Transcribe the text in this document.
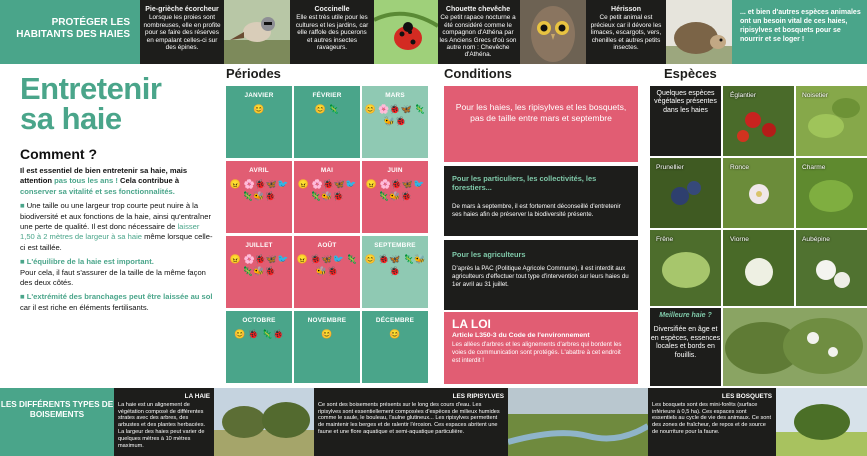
PROTÉGER LES HABITANTS DES HAIES
Pie-grièche écorcheur
Lorsque les proies sont nombreuses, elle en profite pour se faire des réserves en empalant celles-ci sur des épines.
Coccinelle
Elle est très utile pour les cultures et les jardins, car elle raffole des pucerons et autres insectes ravageurs.
Chouette chevêche
Ce petit rapace nocturne a été considéré comme le compagnon d'Athéna par les Anciens Grecs d'où son autre nom : Chevêche d'Athéna.
Hérisson
Ce petit animal est précieux car il dévore les limaces, escargots, vers, chenilles et autres petits insectes.
... et bien d'autres espèces animales ont un besoin vital de ces haies, ripisylves et bosquets pour se nourrir et se loger !
Entretenir
sa haie
Comment ?

Il est essentiel de bien entretenir sa haie, mais attention pas tous les ans ! Cela contribue à conserver sa vitalité et ses fonctionnalités.

■ Une taille ou une largeur trop courte peut nuire à la biodiversité et aux fonctions de la haie, ainsi qu'entraîner une perte de qualité. Il est donc nécessaire de laisser 1,50 à 2 mètres de largeur à sa haie même lorsque celle-ci est taillée.

■ L'équilibre de la haie est important.
Pour cela, il faut s'assurer de la taille de la même façon des deux côtés.

■ L'extrémité des branchages peut être laissée au sol car il est riche en éléments fertilisants.

Périodes	Conditions	Espèces
JANVIER
😊
FÉVRIER
😊 🦎
MARS
😊 🌸🐞🦋 🦎🐝🐞
AVRIL
😠 🌸🐞🦋🐦 🦎🐝🐞
MAI
😠 🌸🐞🦋🐦 🦎🐝🐞
JUIN
😠 🌸🐞🦋🐦 🦎🐝🐞
JUILLET
😠 🌸🐞🦋🐦 🦎🐝🐞
AOÛT
😠 🐞🦋🐦 🦎🐝🐞
SEPTEMBRE
😊 🐞🦋 🦎🐝🐞
OCTOBRE
😊 🐞 🦎🐞
NOVEMBRE
😊
DÉCEMBRE
😊
Pour les haies, les ripisylves et les bosquets, pas de taille entre mars et septembre
Pour les particuliers, les collectivités, les forestiers...

De mars à septembre, il est fortement déconseillé d'entretenir ses haies afin de préserver la biodiversité présente.

Pour les agriculteurs

D'après la PAC (Politique Agricole Commune), il est interdit aux agriculteurs d'effectuer tout type d'intervention sur leurs haies du 1er avril au 31 juillet.

LA LOI
Article L350-3 du Code de l'environnement

Les allées d'arbres et les alignements d'arbres qui bordent les voies de communication sont protégés. L'abattre à cet endroit est interdit !

Quelques espèces végétales présentes dans les haies
Églantier	Noisetier
Prunellier	Ronce	Charme
Frêne	Viorne	Aubépine
Meilleure haie ?
Diversifiée en âge et en espèces, essences locales et bords en fouillis.
LES DIFFÉRENTS TYPES DE BOISEMENTS
LA HAIE
La haie est un alignement de végétation composé de différentes strates avec des arbres, des arbustes et des plantes herbacées. La largeur des haies peut varier de quelques mètres à 10 mètres maximum.
LES RIPISYLVES
Ce sont des boisements présents sur le long des cours d'eau. Les ripisylves sont essentiellement composées d'espèces de milieux humides comme le saule, le bouleau, l'aulne glutineux... Les ripisylves permettent de maintenir les berges et de ralentir l'érosion. Ces espaces abritent une faune et une flore aquatique et semi-aquatique particulière.
LES BOSQUETS
Les bosquets sont des mini-forêts (surface inférieure à 0,5 ha). Ces espaces sont essentiels au cycle de vie des animaux. Ce sont des zones de fraîcheur, de repos et de source de nourriture pour la faune.
